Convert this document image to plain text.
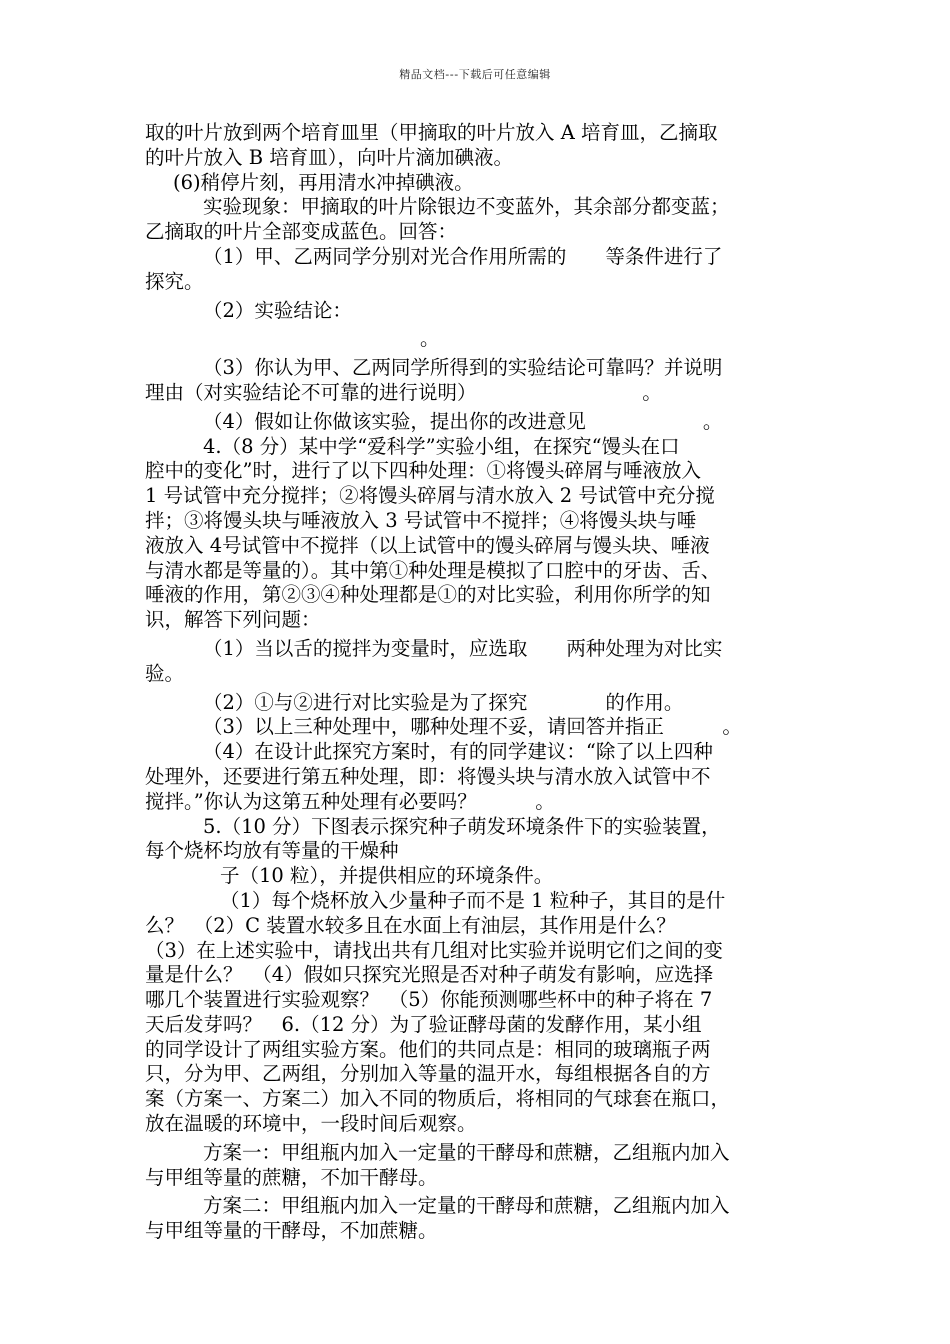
精品文档---下载后可任意编辑
取的叶片放到两个培育皿里（甲摘取的叶片放入 A 培育皿，乙摘取
的叶片放入 B 培育皿），向叶片滴加碘液。
(6)稍停片刻，再用清水冲掉碘液。
实验现象：甲摘取的叶片除银边不变蓝外，其余部分都变蓝；
乙摘取的叶片全部变成蓝色。回答：
（1）甲、乙两同学分别对光合作用所需的　　等条件进行了
探究。
（2）实验结论：
。
（3）你认为甲、乙两同学所得到的实验结论可靠吗？并说明
理由（对实验结论不可靠的进行说明）　　　　　　　　　。
（4）假如让你做该实验，提出你的改进意见　　　　　　。
4.（8 分）某中学“爱科学”实验小组，在探究“馒头在口
腔中的变化”时，进行了以下四种处理：①将馒头碎屑与唾液放入
1 号试管中充分搅拌；②将馒头碎屑与清水放入 2 号试管中充分搅
拌；③将馒头块与唾液放入 3 号试管中不搅拌；④将馒头块与唾
液放入 4号试管中不搅拌（以上试管中的馒头碎屑与馒头块、唾液
与清水都是等量的）。其中第①种处理是模拟了口腔中的牙齿、舌、
唾液的作用，第②③④种处理都是①的对比实验，利用你所学的知
识，解答下列问题：
（1）当以舌的搅拌为变量时，应选取　　两种处理为对比实
验。
（2）①与②进行对比实验是为了探究　　　　的作用。
（3）以上三种处理中，哪种处理不妥，请回答并指正　　　。
（4）在设计此探究方案时，有的同学建议：“除了以上四种
处理外，还要进行第五种处理，即：将馒头块与清水放入试管中不
搅拌。”你认为这第五种处理有必要吗？　　　。
5.（10 分）下图表示探究种子萌发环境条件下的实验装置，
每个烧杯均放有等量的干燥种
子（10 粒），并提供相应的环境条件。
（1）每个烧杯放入少量种子而不是 1 粒种子，其目的是什
么？　（2）C 装置水较多且在水面上有油层，其作用是什么？
（3）在上述实验中，请找出共有几组对比实验并说明它们之间的变
量是什么？　（4）假如只探究光照是否对种子萌发有影响，应选择
哪几个装置进行实验观察？　（5）你能预测哪些杯中的种子将在 7
天后发芽吗？　6.（12 分）为了验证酵母菌的发酵作用，某小组
的同学设计了两组实验方案。他们的共同点是：相同的玻璃瓶子两
只，分为甲、乙两组，分别加入等量的温开水，每组根据各自的方
案（方案一、方案二）加入不同的物质后，将相同的气球套在瓶口，
放在温暖的环境中，一段时间后观察。
方案一：甲组瓶内加入一定量的干酵母和蔗糖，乙组瓶内加入
与甲组等量的蔗糖，不加干酵母。
方案二：甲组瓶内加入一定量的干酵母和蔗糖，乙组瓶内加入
与甲组等量的干酵母，不加蔗糖。
